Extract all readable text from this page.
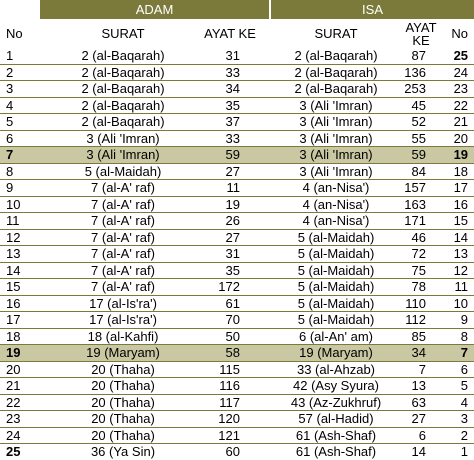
	ADAM		ISA		
No	SURAT	AYAT KE	SURAT	AYAT KE	No
1	2 (al-Baqarah)	31	2 (al-Baqarah)	87	25
2	2 (al-Baqarah)	33	2 (al-Baqarah)	136	24
3	2 (al-Baqarah)	34	2 (al-Baqarah)	253	23
4	2 (al-Baqarah)	35	3 (Ali 'Imran)	45	22
5	2 (al-Baqarah)	37	3 (Ali 'Imran)	52	21
6	3 (Ali 'Imran)	33	3 (Ali 'Imran)	55	20
7	3 (Ali 'Imran)	59	3 (Ali 'Imran)	59	19
8	5 (al-Maidah)	27	3 (Ali 'Imran)	84	18
9	7 (al-A' raf)	11	4 (an-Nisa')	157	17
10	7 (al-A' raf)	19	4 (an-Nisa')	163	16
11	7 (al-A' raf)	26	4 (an-Nisa')	171	15
12	7 (al-A' raf)	27	5 (al-Maidah)	46	14
13	7 (al-A' raf)	31	5 (al-Maidah)	72	13
14	7 (al-A' raf)	35	5 (al-Maidah)	75	12
15	7 (al-A' raf)	172	5 (al-Maidah)	78	11
16	17 (al-Is'ra')	61	5 (al-Maidah)	110	10
17	17 (al-Is'ra')	70	5 (al-Maidah)	112	9
18	18 (al-Kahfi)	50	6 (al-An' am)	85	8
19	19 (Maryam)	58	19 (Maryam)	34	7
20	20 (Thaha)	115	33 (al-Ahzab)	7	6
21	20 (Thaha)	116	42 (Asy Syura)	13	5
22	20 (Thaha)	117	43 (Az-Zukhruf)	63	4
23	20 (Thaha)	120	57 (al-Hadid)	27	3
24	20 (Thaha)	121	61 (Ash-Shaf)	6	2
25	36 (Ya Sin)	60	61 (Ash-Shaf)	14	1
